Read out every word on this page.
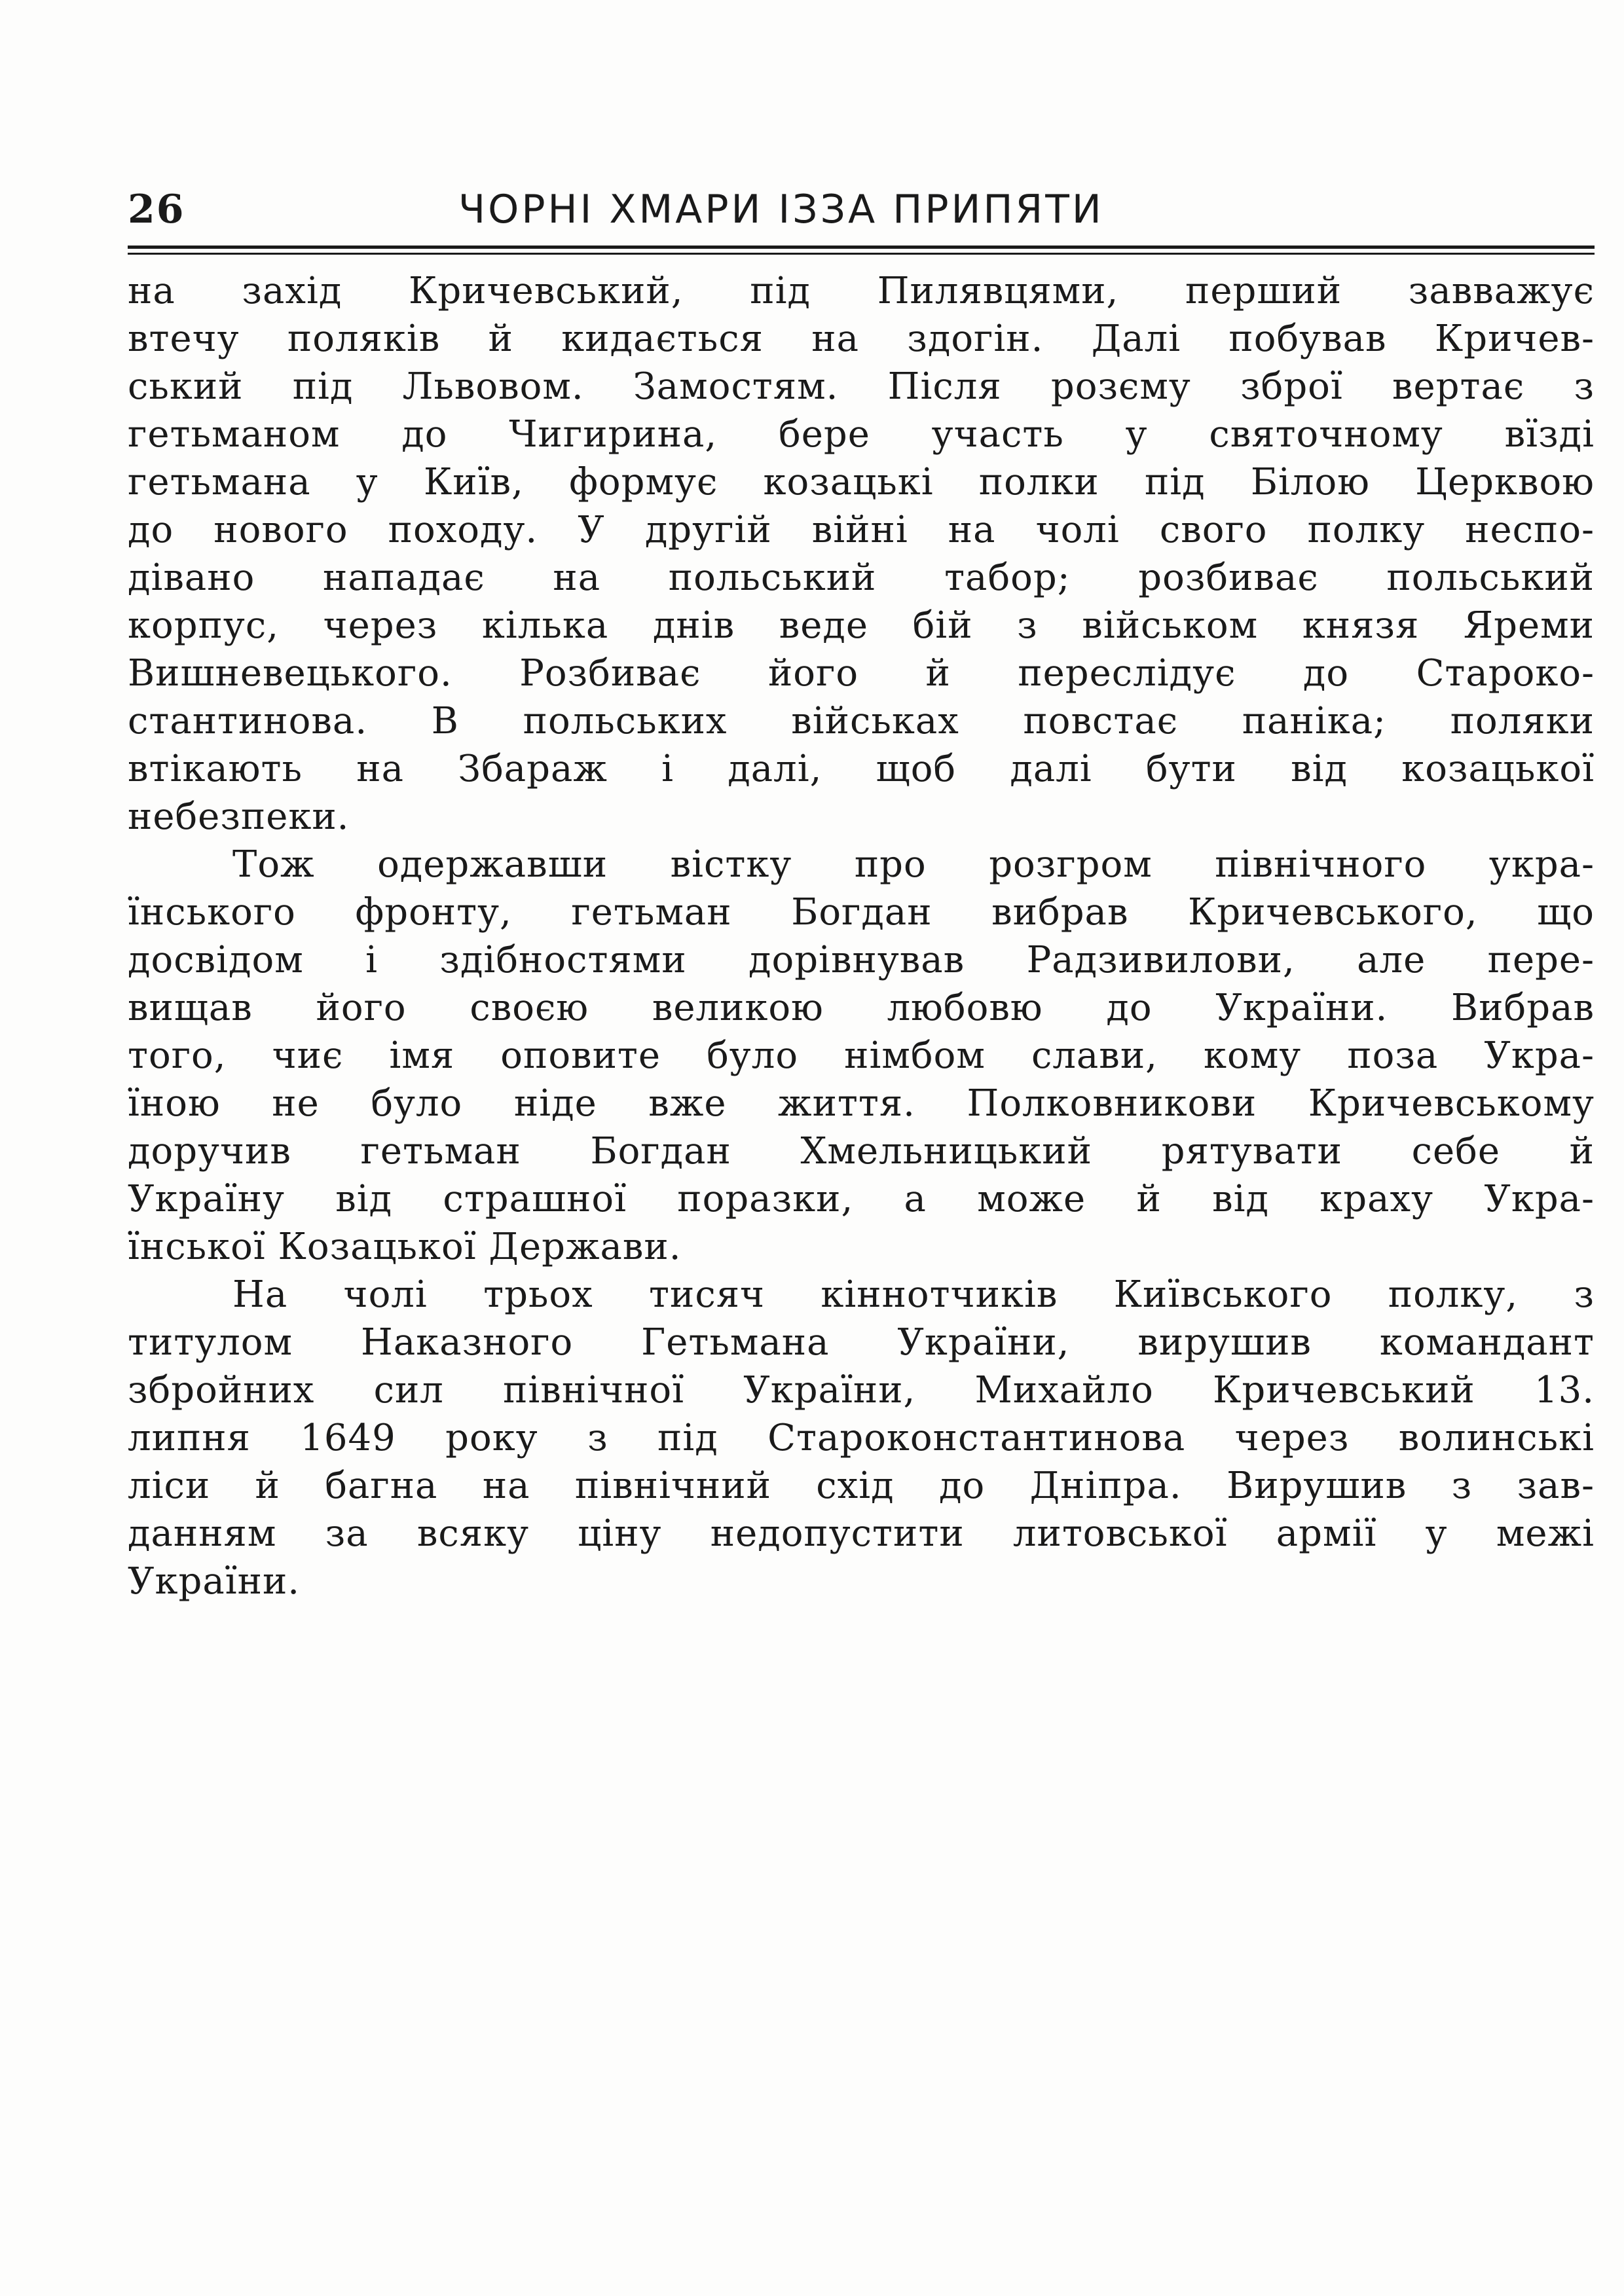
26	ЧОРНІ ХМАРИ ІЗЗА ПРИПЯТИ
на захід Кричевський, під Пилявцями, перший завважує
втечу поляків й кидається на здогін. Далі побував Кричев-
ський під Львовом. Замостям. Після розєму зброї вертає з
гетьманом до Чигирина, бере участь у святочному вїзді
гетьмана у Київ, формує козацькі полки під Білою Церквою
до нового походу. У другій війні на чолі свого полку неспо-
дівано нападає на польський табор; розбиває польський
корпус, через кілька днів веде бій з військом князя Яреми
Вишневецького. Розбиває його й переслідує до Староко-
стантинова. В польських військах повстає паніка; поляки
втікають на Збараж і далі, щоб далі бути від козацької
небезпеки.
Тож одержавши вістку про розгром північного укра-
їнського фронту, гетьман Богдан вибрав Кричевського, що
досвідом і здібностями дорівнував Радзивилови, але пере-
вищав його своєю великою любовю до України. Вибрав
того, чиє імя оповите було німбом слави, кому поза Укра-
їною не було ніде вже життя. Полковникови Кричевському
доручив гетьман Богдан Хмельницький рятувати себе й
Україну від страшної поразки, а може й від краху Укра-
їнської Козацької Держави.
На чолі трьох тисяч кіннотчиків Київського полку, з
титулом Наказного Гетьмана України, вирушив командант
збройних сил північної України, Михайло Кричевський 13.
липня 1649 року з під Староконстантинова через волинські
ліси й багна на північний схід до Дніпра. Вирушив з зав-
данням за всяку ціну недопустити литовської армії у межі
України.
